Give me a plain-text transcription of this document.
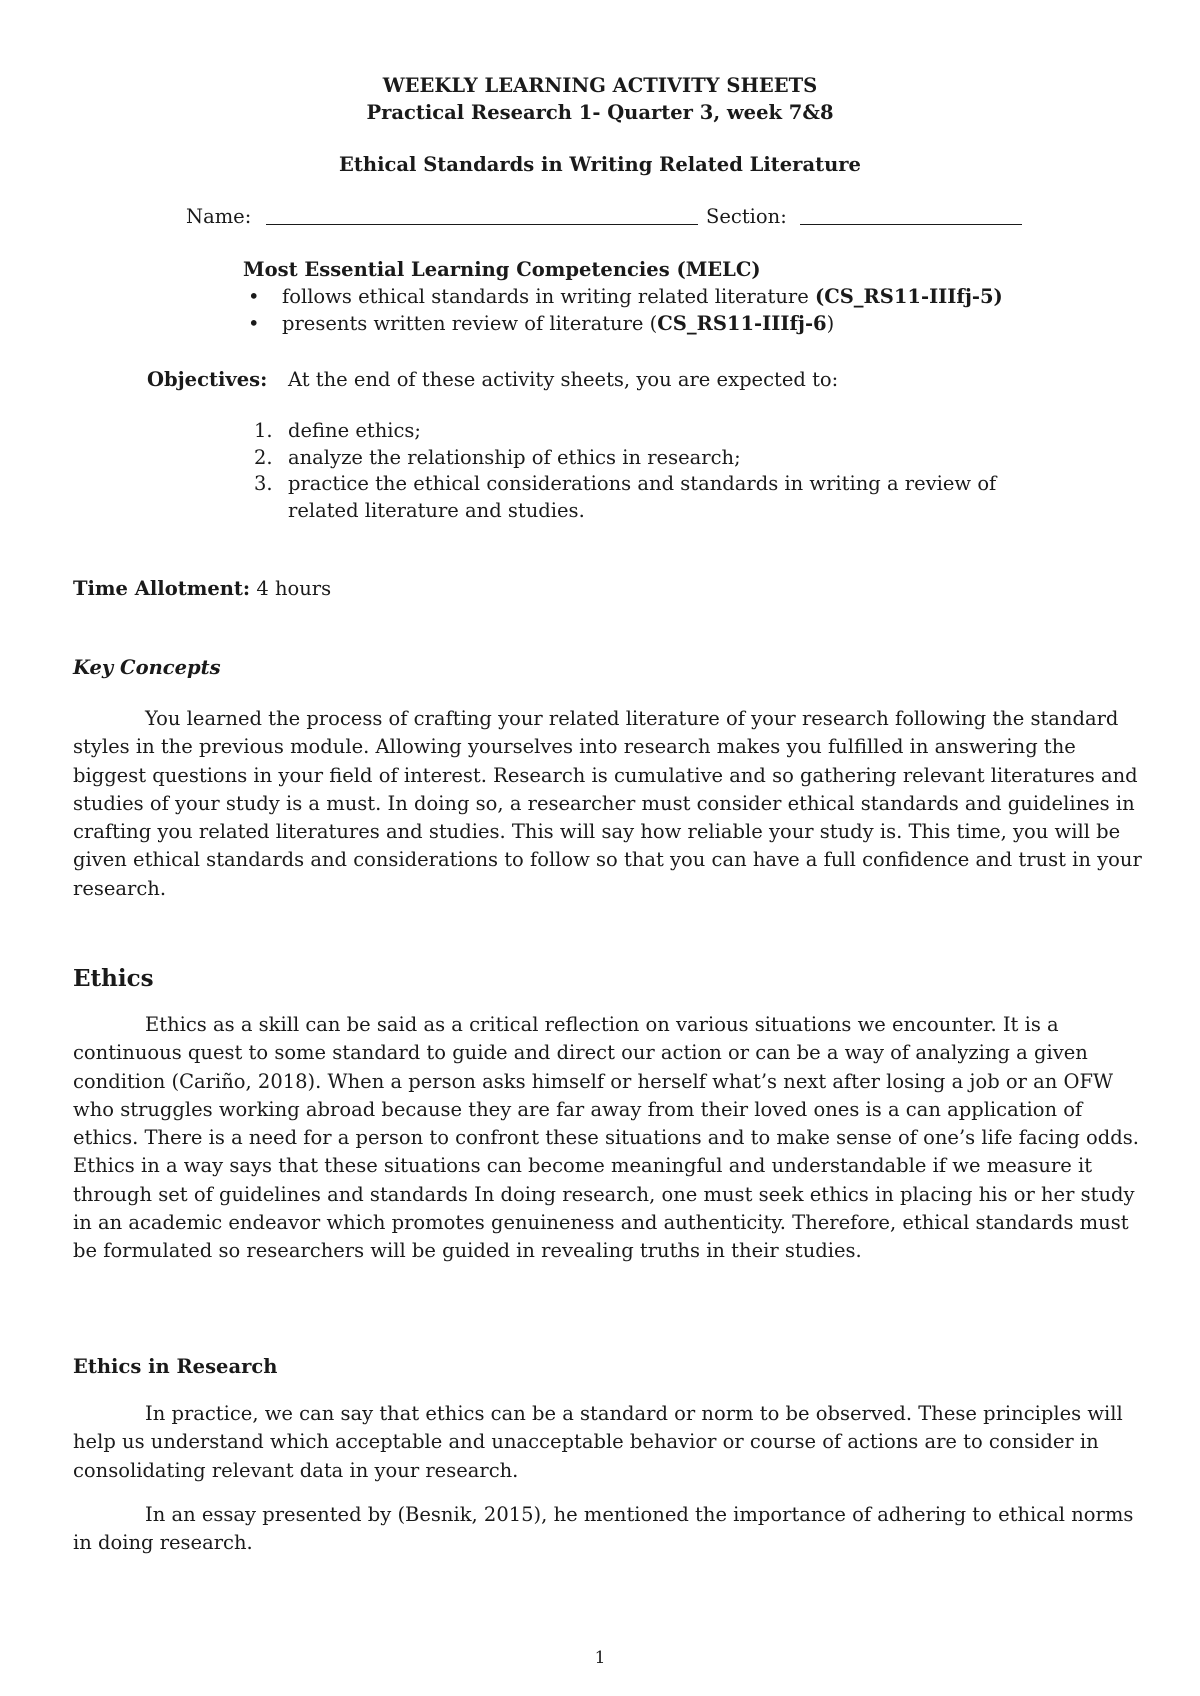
WEEKLY LEARNING ACTIVITY SHEETS
Practical Research 1- Quarter 3, week 7&8
Ethical Standards in Writing Related Literature
Name:	Section:
Most Essential Learning Competencies (MELC)
• follows ethical standards in writing related literature (CS_RS11-IIIfj-5)
• presents written review of literature (CS_RS11-IIIfj-6)
Objectives: At the end of these activity sheets, you are expected to:
1. define ethics;
2. analyze the relationship of ethics in research;
3. practice the ethical considerations and standards in writing a review of
related literature and studies.
Time Allotment: 4 hours
Key Concepts

You learned the process of crafting your related literature of your research following the standard styles in the previous module. Allowing yourselves into research makes you fulfilled in answering the biggest questions in your field of interest. Research is cumulative and so gathering relevant literatures and studies of your study is a must. In doing so, a researcher must consider ethical standards and guidelines in crafting you related literatures and studies. This will say how reliable your study is. This time, you will be given ethical standards and considerations to follow so that you can have a full confidence and trust in your research.

Ethics

Ethics as a skill can be said as a critical reflection on various situations we encounter. It is a continuous quest to some standard to guide and direct our action or can be a way of analyzing a given condition (Cariño, 2018). When a person asks himself or herself what’s next after losing a job or an OFW who struggles working abroad because they are far away from their loved ones is a can application of ethics. There is a need for a person to confront these situations and to make sense of one’s life facing odds. Ethics in a way says that these situations can become meaningful and understandable if we measure it through set of guidelines and standards In doing research, one must seek ethics in placing his or her study in an academic endeavor which promotes genuineness and authenticity. Therefore, ethical standards must be formulated so researchers will be guided in revealing truths in their studies.

Ethics in Research

In practice, we can say that ethics can be a standard or norm to be observed. These principles will help us understand which acceptable and unacceptable behavior or course of actions are to consider in consolidating relevant data in your research.

In an essay presented by (Besnik, 2015), he mentioned the importance of adhering to ethical norms in doing research.

1
